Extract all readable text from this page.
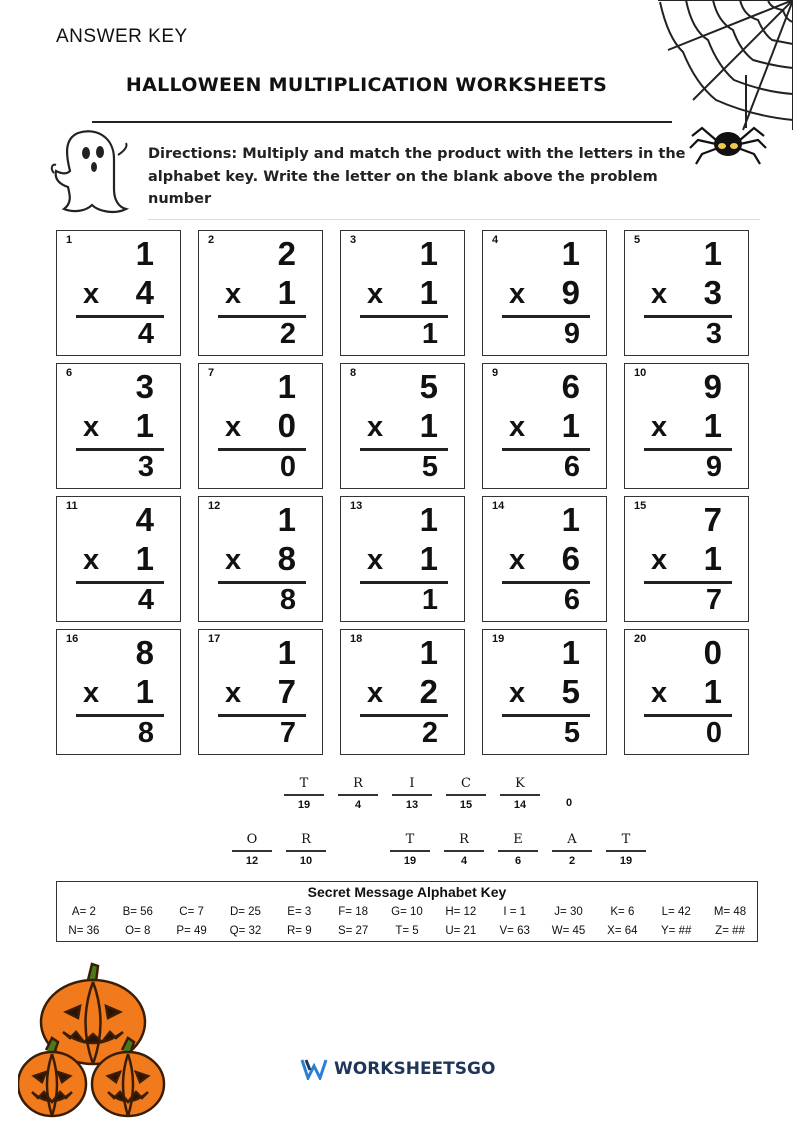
ANSWER KEY
HALLOWEEN MULTIPLICATION WORKSHEETS
Directions: Multiply and match the product with the letters in the alphabet key. Write the letter on the blank above the problem number
1 1
x 4
4
2 2
x 1
2
3 1
x 1
1
4 1
x 9
9
5 1
x 3
3
6 3
x 1
3
7 1
x 0
0
8 5
x 1
5
9 6
x 1
6
10 9
x 1
9
11 4
x 1
4
12 1
x 8
8
13 1
x 1
1
14 1
x 6
6
15 7
x 1
7
16 8
x 1
8
17 1
x 7
7
18 1
x 2
2
19 1
x 5
5
20 0
x 1
0
T
19
R
4
I
13
C
15
K
14	0
O
12
R
10
T
19
R
4
E
6
A
2
T
19
Secret Message Alphabet Key
A= 2	B= 56	C= 7	D= 25	E= 3	F= 18	G= 10	H= 12	I = 1	J= 30	K= 6	L= 42	M= 48
N= 36	O= 8	P= 49	Q= 32	R= 9	S= 27	T= 5	U= 21	V= 63	W= 45	X= 64	Y= ##	Z= ##
WORKSHEETS GO
